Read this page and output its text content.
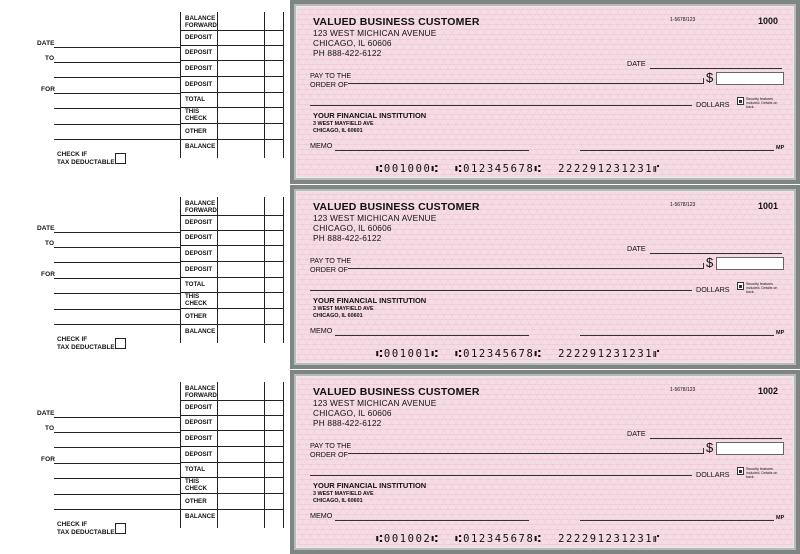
DATE
TO
FOR
CHECK IF
TAX DEDUCTABLE
BALANCE
FORWARD
DEPOSIT
DEPOSIT
DEPOSIT
DEPOSIT
TOTAL
THIS
CHECK
OTHER
BALANCE
VALUED BUSINESS CUSTOMER
123 WEST MICHICAN AVENUE
CHICAGO, IL 60606
PH 888-422-6122
1-5678/123	1000
DATE
PAY TO THE
ORDER OF	$
DOLLARS
Security features included. Details on back.
YOUR FINANCIAL INSTITUTION
3 WEST MAYFIELD AVE
CHICAGO, IL 60601
MEMO	MP
⑆001000⑆  ⑆012345678⑆  222291231231⑈
DATE
TO
FOR
CHECK IF
TAX DEDUCTABLE
BALANCE
FORWARD
DEPOSIT
DEPOSIT
DEPOSIT
DEPOSIT
TOTAL
THIS
CHECK
OTHER
BALANCE
VALUED BUSINESS CUSTOMER
123 WEST MICHICAN AVENUE
CHICAGO, IL 60606
PH 888-422-6122
1-5678/123	1001
DATE
PAY TO THE
ORDER OF	$
DOLLARS
Security features included. Details on back.
YOUR FINANCIAL INSTITUTION
3 WEST MAYFIELD AVE
CHICAGO, IL 60601
MEMO	MP
⑆001001⑆  ⑆012345678⑆  222291231231⑈
DATE
TO
FOR
CHECK IF
TAX DEDUCTABLE
BALANCE
FORWARD
DEPOSIT
DEPOSIT
DEPOSIT
DEPOSIT
TOTAL
THIS
CHECK
OTHER
BALANCE
VALUED BUSINESS CUSTOMER
123 WEST MICHICAN AVENUE
CHICAGO, IL 60606
PH 888-422-6122
1-5678/123	1002
DATE
PAY TO THE
ORDER OF	$
DOLLARS
Security features included. Details on back.
YOUR FINANCIAL INSTITUTION
3 WEST MAYFIELD AVE
CHICAGO, IL 60601
MEMO	MP
⑆001002⑆  ⑆012345678⑆  222291231231⑈
